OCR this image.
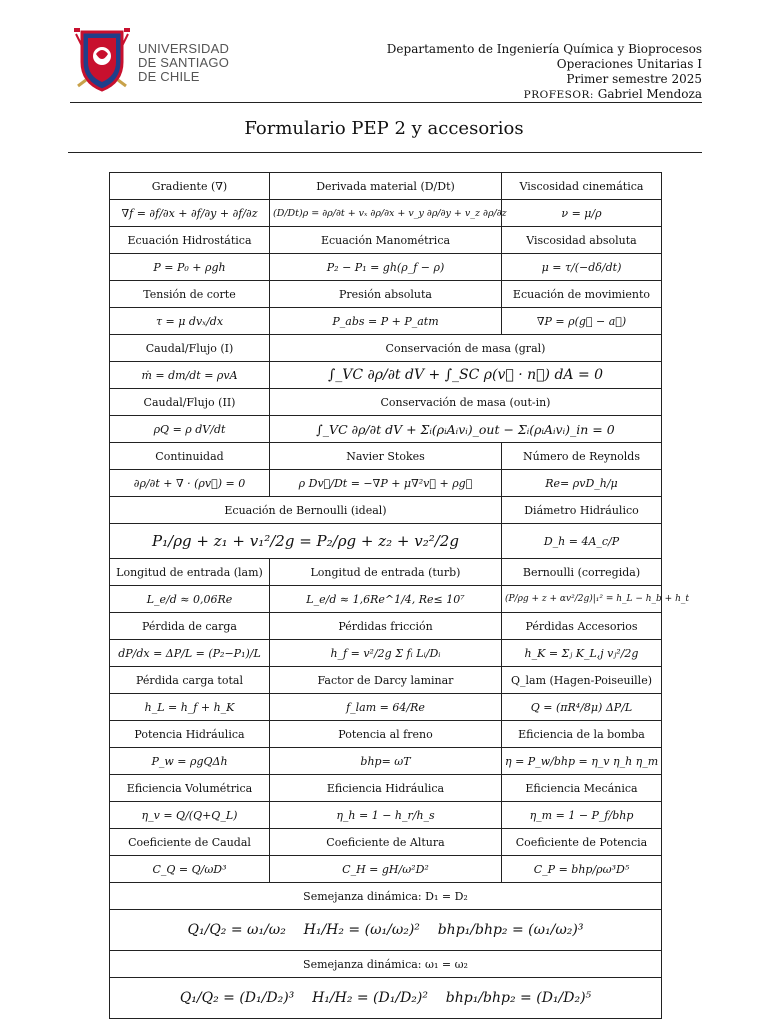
UNIVERSIDAD
DE SANTIAGO
DE CHILE
Departamento de Ingeniería Química y Bioprocesos
Operaciones Unitarias I
Primer semestre 2025
PROFESOR: Gabriel Mendoza
Formulario PEP 2 y accesorios
Gradiente (∇)	Derivada material (D/Dt)	Viscosidad cinemática
∇f = ∂f/∂x + ∂f/∂y + ∂f/∂z	(D/Dt)ρ = ∂ρ/∂t + vₓ ∂ρ/∂x + v_y ∂ρ/∂y + v_z ∂ρ/∂z	ν = μ/ρ
Ecuación Hidrostática	Ecuación Manométrica	Viscosidad absoluta
P = P₀ + ρgh	P₂ − P₁ = gh(ρ_f − ρ)	μ = τ/(−dδ/dt)
Tensión de corte	Presión absoluta	Ecuación de movimiento
τ = μ dvₓ/dx	P_abs = P + P_atm	∇P = ρ(g⃗ − a⃗)
Caudal/Flujo (I)	Conservación de masa (gral)	
ṁ = dm/dt = ρvA	∫_VC ∂ρ/∂t dV + ∫_SC ρ(v⃗ · n⃗) dA = 0	
Caudal/Flujo (II)	Conservación de masa (out-in)	
ρQ = ρ dV/dt	∫_VC ∂ρ/∂t dV + Σᵢ(ρᵢAᵢvᵢ)_out − Σᵢ(ρᵢAᵢvᵢ)_in = 0	
Continuidad	Navier Stokes	Número de Reynolds
∂ρ/∂t + ∇ · (ρv⃗) = 0	ρ Dv⃗/Dt = −∇P + μ∇²v⃗ + ρg⃗	Re= ρvD_h/μ
Ecuación de Bernoulli (ideal)		Diámetro Hidráulico
P₁/ρg + z₁ + v₁²/2g = P₂/ρg + z₂ + v₂²/2g		D_h = 4A_c/P
Longitud de entrada (lam)	Longitud de entrada (turb)	Bernoulli (corregida)
L_e/d ≈ 0,06Re	L_e/d ≈ 1,6Re^1/4, Re≤ 10⁷	(P/ρg + z + αv²/2g)|₁² = h_L − h_b + h_t
Pérdida de carga	Pérdidas fricción	Pérdidas Accesorios
dP/dx = ΔP/L = (P₂−P₁)/L	h_f = v²/2g Σ fᵢ Lᵢ/Dᵢ	h_K = Σⱼ K_L,j vⱼ²/2g
Pérdida carga total	Factor de Darcy laminar	Q_lam (Hagen-Poiseuille)
h_L = h_f + h_K	f_lam = 64/Re	Q = (πR⁴/8μ) ΔP/L
Potencia Hidráulica	Potencia al freno	Eficiencia de la bomba
P_w = ρgQΔh	bhp= ωT	η = P_w/bhp = η_v η_h η_m
Eficiencia Volumétrica	Eficiencia Hidráulica	Eficiencia Mecánica
η_v = Q/(Q+Q_L)	η_h = 1 − h_r/h_s	η_m = 1 − P_f/bhp
Coeficiente de Caudal	Coeficiente de Altura	Coeficiente de Potencia
C_Q = Q/ωD³	C_H = gH/ω²D²	C_P = bhp/ρω³D⁵
Semejanza dinámica: D₁ = D₂		
Q₁/Q₂ = ω₁/ω₂    H₁/H₂ = (ω₁/ω₂)²    bhp₁/bhp₂ = (ω₁/ω₂)³		
Semejanza dinámica: ω₁ = ω₂		
Q₁/Q₂ = (D₁/D₂)³    H₁/H₂ = (D₁/D₂)²    bhp₁/bhp₂ = (D₁/D₂)⁵		
